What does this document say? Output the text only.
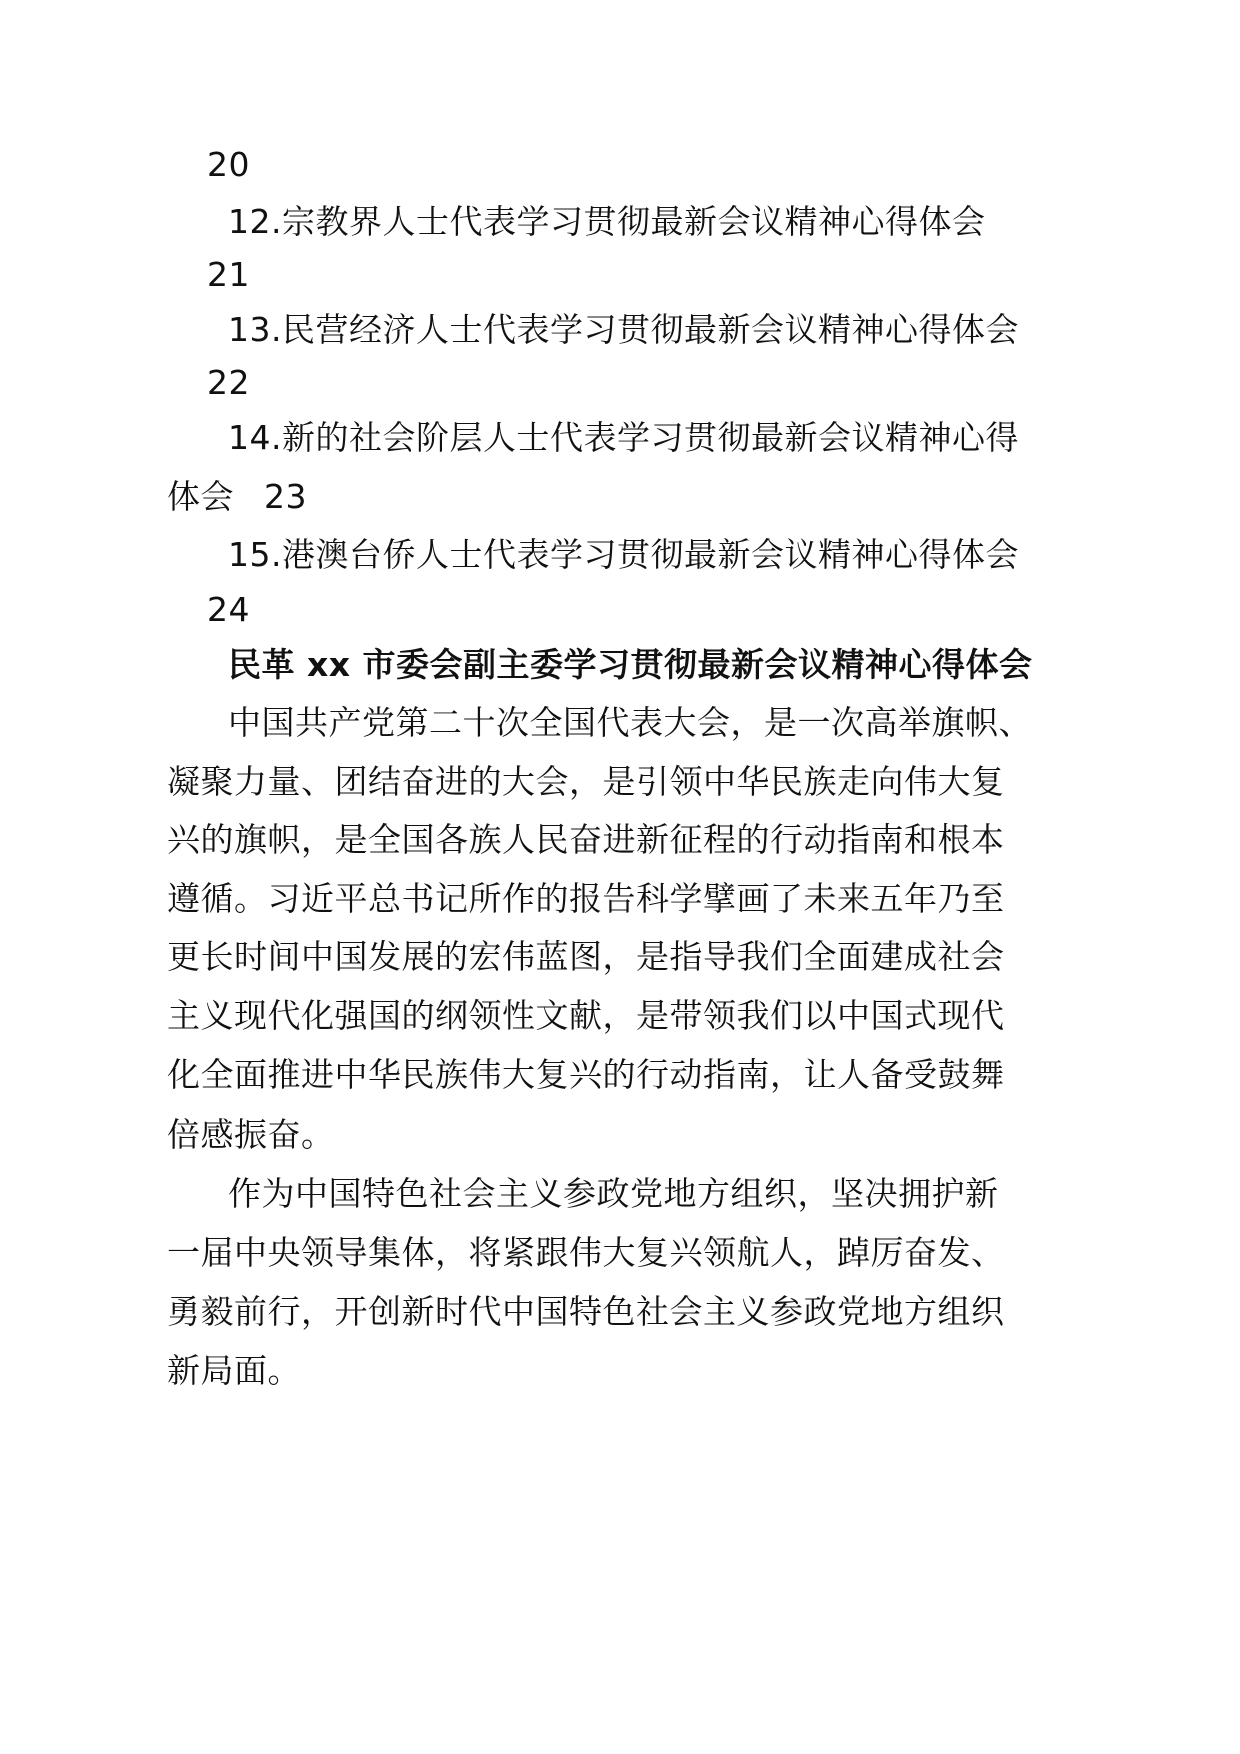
20
12.宗教界人士代表学习贯彻最新会议精神心得体会
21
13.民营经济人士代表学习贯彻最新会议精神心得体会
22
14.新的社会阶层人士代表学习贯彻最新会议精神心得
体会 23
15.港澳台侨人士代表学习贯彻最新会议精神心得体会
24
民革 xx 市委会副主委学习贯彻最新会议精神心得体会
中国共产党第二十次全国代表大会，是一次高举旗帜、
凝聚力量、团结奋进的大会，是引领中华民族走向伟大复
兴的旗帜，是全国各族人民奋进新征程的行动指南和根本
遵循。习近平总书记所作的报告科学擘画了未来五年乃至
更长时间中国发展的宏伟蓝图，是指导我们全面建成社会
主义现代化强国的纲领性文献，是带领我们以中国式现代
化全面推进中华民族伟大复兴的行动指南，让人备受鼓舞
倍感振奋。
作为中国特色社会主义参政党地方组织，坚决拥护新
一届中央领导集体，将紧跟伟大复兴领航人，踔厉奋发、
勇毅前行，开创新时代中国特色社会主义参政党地方组织
新局面。
